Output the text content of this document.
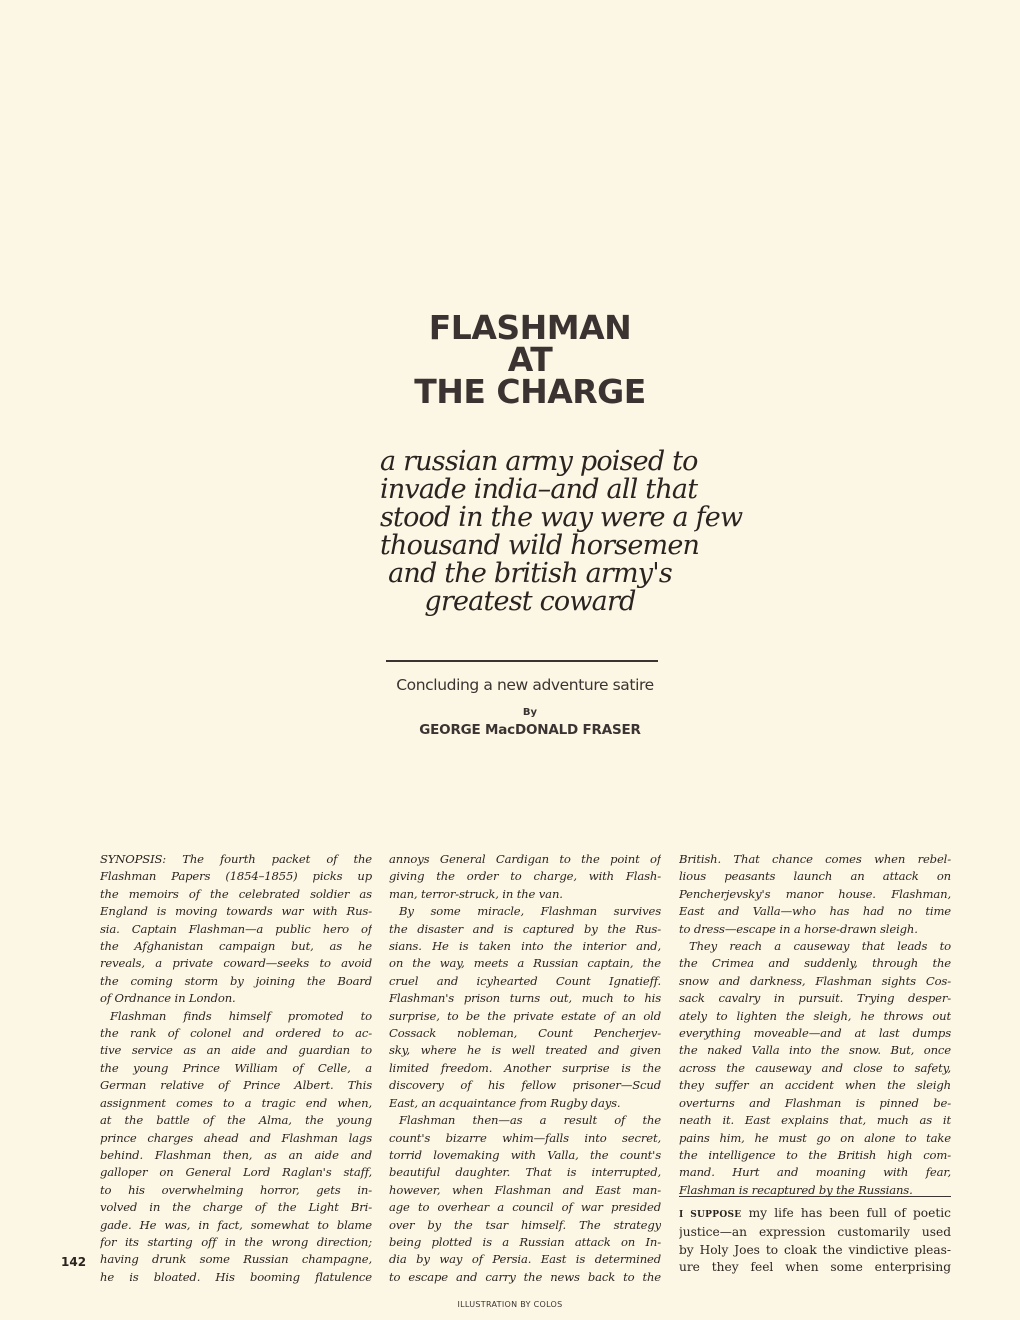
FLASHMAN
AT
THE CHARGE
a russian army poised to
invade india–and all that
stood in the way were a few
thousand wild horsemen
and the british army's
greatest coward
Concluding a new adventure satire
By
GEORGE MacDONALD FRASER
SYNOPSIS: The fourth packet of the
Flashman Papers (1854–1855) picks up
the memoirs of the celebrated soldier as
England is moving towards war with Rus-
sia. Captain Flashman—a public hero of
the Afghanistan campaign but, as he
reveals, a private coward—seeks to avoid
the coming storm by joining the Board
of Ordnance in London.
Flashman finds himself promoted to
the rank of colonel and ordered to ac-
tive service as an aide and guardian to
the young Prince William of Celle, a
German relative of Prince Albert. This
assignment comes to a tragic end when,
at the battle of the Alma, the young
prince charges ahead and Flashman lags
behind. Flashman then, as an aide and
galloper on General Lord Raglan's staff,
to his overwhelming horror, gets in-
volved in the charge of the Light Bri-
gade. He was, in fact, somewhat to blame
for its starting off in the wrong direction;
having drunk some Russian champagne,
he is bloated. His booming flatulence
annoys General Cardigan to the point of
giving the order to charge, with Flash-
man, terror-struck, in the van.
By some miracle, Flashman survives
the disaster and is captured by the Rus-
sians. He is taken into the interior and,
on the way, meets a Russian captain, the
cruel and icyhearted Count Ignatieff.
Flashman's prison turns out, much to his
surprise, to be the private estate of an old
Cossack nobleman, Count Pencherjev-
sky, where he is well treated and given
limited freedom. Another surprise is the
discovery of his fellow prisoner—Scud
East, an acquaintance from Rugby days.
Flashman then—as a result of the
count's bizarre whim—falls into secret,
torrid lovemaking with Valla, the count's
beautiful daughter. That is interrupted,
however, when Flashman and East man-
age to overhear a council of war presided
over by the tsar himself. The strategy
being plotted is a Russian attack on In-
dia by way of Persia. East is determined
to escape and carry the news back to the
British. That chance comes when rebel-
lious peasants launch an attack on
Pencherjevsky's manor house. Flashman,
East and Valla—who has had no time
to dress—escape in a horse-drawn sleigh.
They reach a causeway that leads to
the Crimea and suddenly, through the
snow and darkness, Flashman sights Cos-
sack cavalry in pursuit. Trying desper-
ately to lighten the sleigh, he throws out
everything moveable—and at last dumps
the naked Valla into the snow. But, once
across the causeway and close to safety,
they suffer an accident when the sleigh
overturns and Flashman is pinned be-
neath it. East explains that, much as it
pains him, he must go on alone to take
the intelligence to the British high com-
mand. Hurt and moaning with fear,
Flashman is recaptured by the Russians.
I SUPPOSE my life has been full of poetic
justice—an expression customarily used
by Holy Joes to cloak the vindictive pleas-
ure they feel when some enterprising
142
ILLUSTRATION BY COLOS
